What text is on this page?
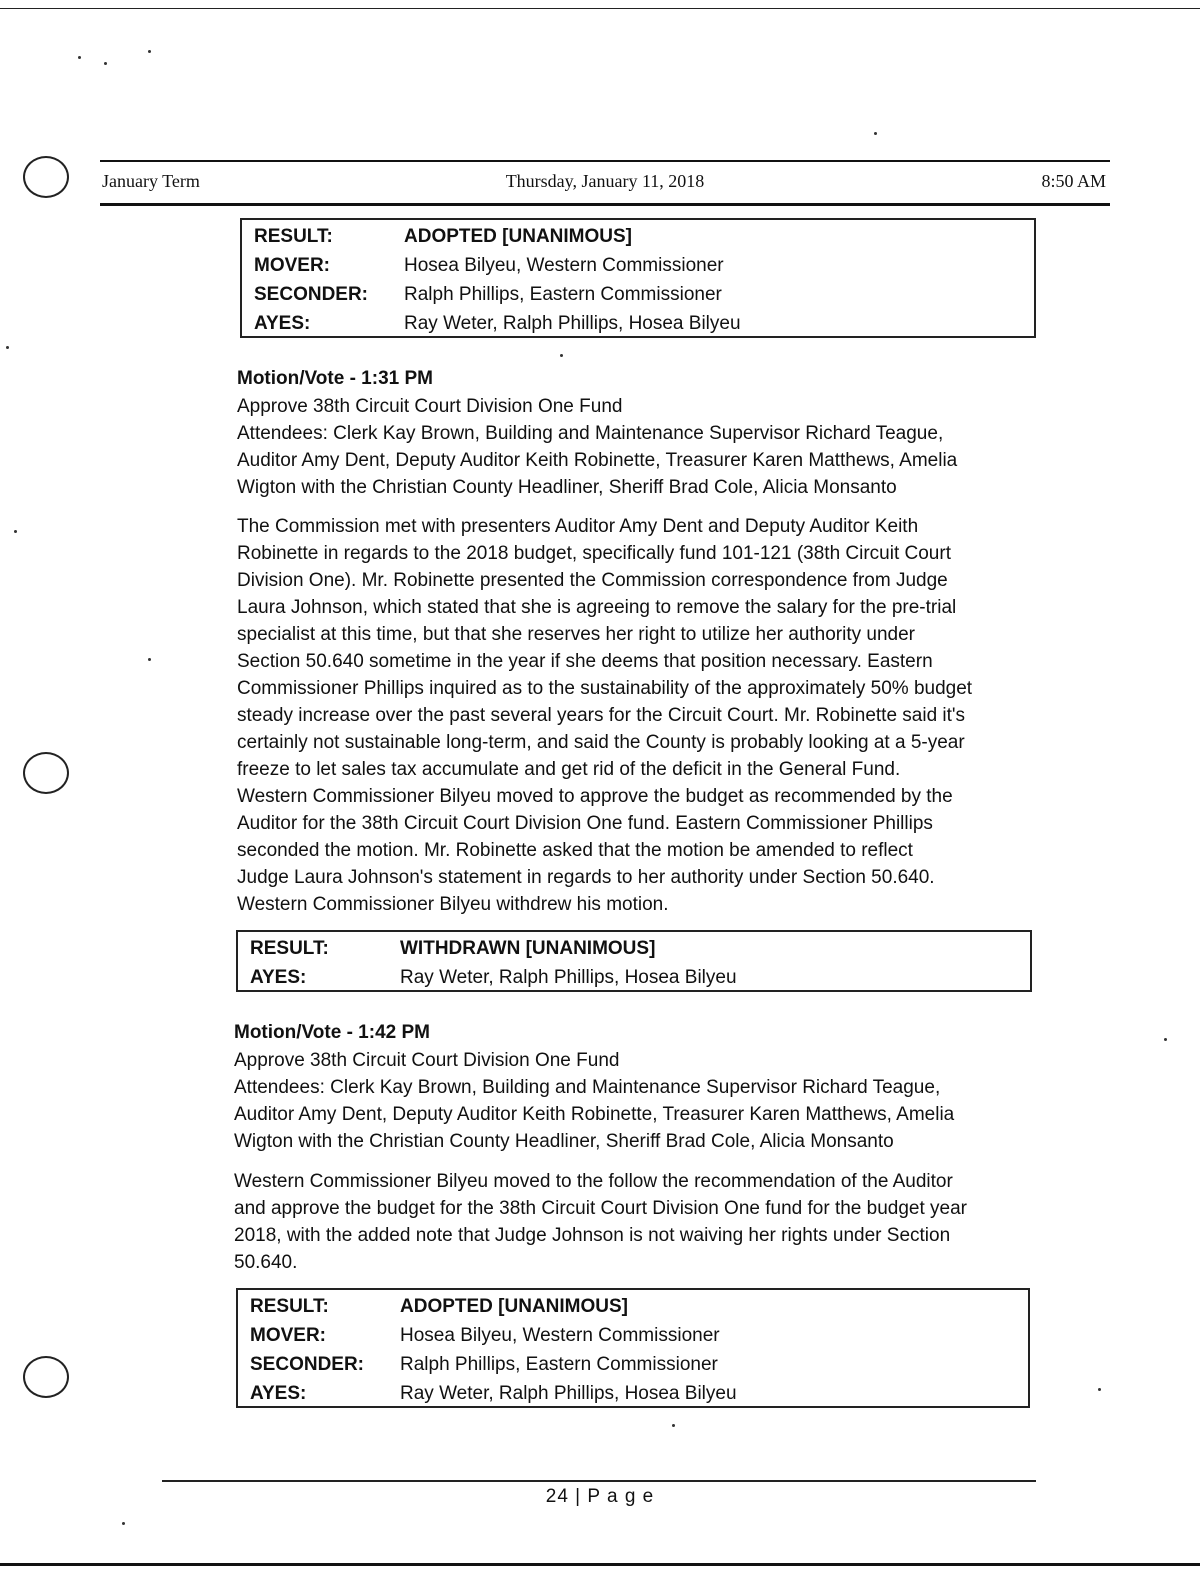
January Term	Thursday, January 11, 2018	8:50 AM
RESULT:	ADOPTED [UNANIMOUS]
MOVER:	Hosea Bilyeu, Western Commissioner
SECONDER: Ralph Phillips, Eastern Commissioner
AYES:	Ray Weter, Ralph Phillips, Hosea Bilyeu
Motion/Vote - 1:31 PM
Approve 38th Circuit Court Division One Fund
Attendees: Clerk Kay Brown, Building and Maintenance Supervisor Richard Teague,
Auditor Amy Dent, Deputy Auditor Keith Robinette, Treasurer Karen Matthews, Amelia
Wigton with the Christian County Headliner, Sheriff Brad Cole, Alicia Monsanto
The Commission met with presenters Auditor Amy Dent and Deputy Auditor Keith
Robinette in regards to the 2018 budget, specifically fund 101-121 (38th Circuit Court
Division One). Mr. Robinette presented the Commission correspondence from Judge
Laura Johnson, which stated that she is agreeing to remove the salary for the pre-trial
specialist at this time, but that she reserves her right to utilize her authority under
Section 50.640 sometime in the year if she deems that position necessary. Eastern
Commissioner Phillips inquired as to the sustainability of the approximately 50% budget
steady increase over the past several years for the Circuit Court. Mr. Robinette said it's
certainly not sustainable long-term, and said the County is probably looking at a 5-year
freeze to let sales tax accumulate and get rid of the deficit in the General Fund.
Western Commissioner Bilyeu moved to approve the budget as recommended by the
Auditor for the 38th Circuit Court Division One fund. Eastern Commissioner Phillips
seconded the motion. Mr. Robinette asked that the motion be amended to reflect
Judge Laura Johnson's statement in regards to her authority under Section 50.640.
Western Commissioner Bilyeu withdrew his motion.
RESULT:	WITHDRAWN [UNANIMOUS]
AYES:	Ray Weter, Ralph Phillips, Hosea Bilyeu
Motion/Vote - 1:42 PM
Approve 38th Circuit Court Division One Fund
Attendees: Clerk Kay Brown, Building and Maintenance Supervisor Richard Teague,
Auditor Amy Dent, Deputy Auditor Keith Robinette, Treasurer Karen Matthews, Amelia
Wigton with the Christian County Headliner, Sheriff Brad Cole, Alicia Monsanto
Western Commissioner Bilyeu moved to the follow the recommendation of the Auditor
and approve the budget for the 38th Circuit Court Division One fund for the budget year
2018, with the added note that Judge Johnson is not waiving her rights under Section
50.640.
RESULT:	ADOPTED [UNANIMOUS]
MOVER:	Hosea Bilyeu, Western Commissioner
SECONDER: Ralph Phillips, Eastern Commissioner
AYES:	Ray Weter, Ralph Phillips, Hosea Bilyeu
24 | P a g e
